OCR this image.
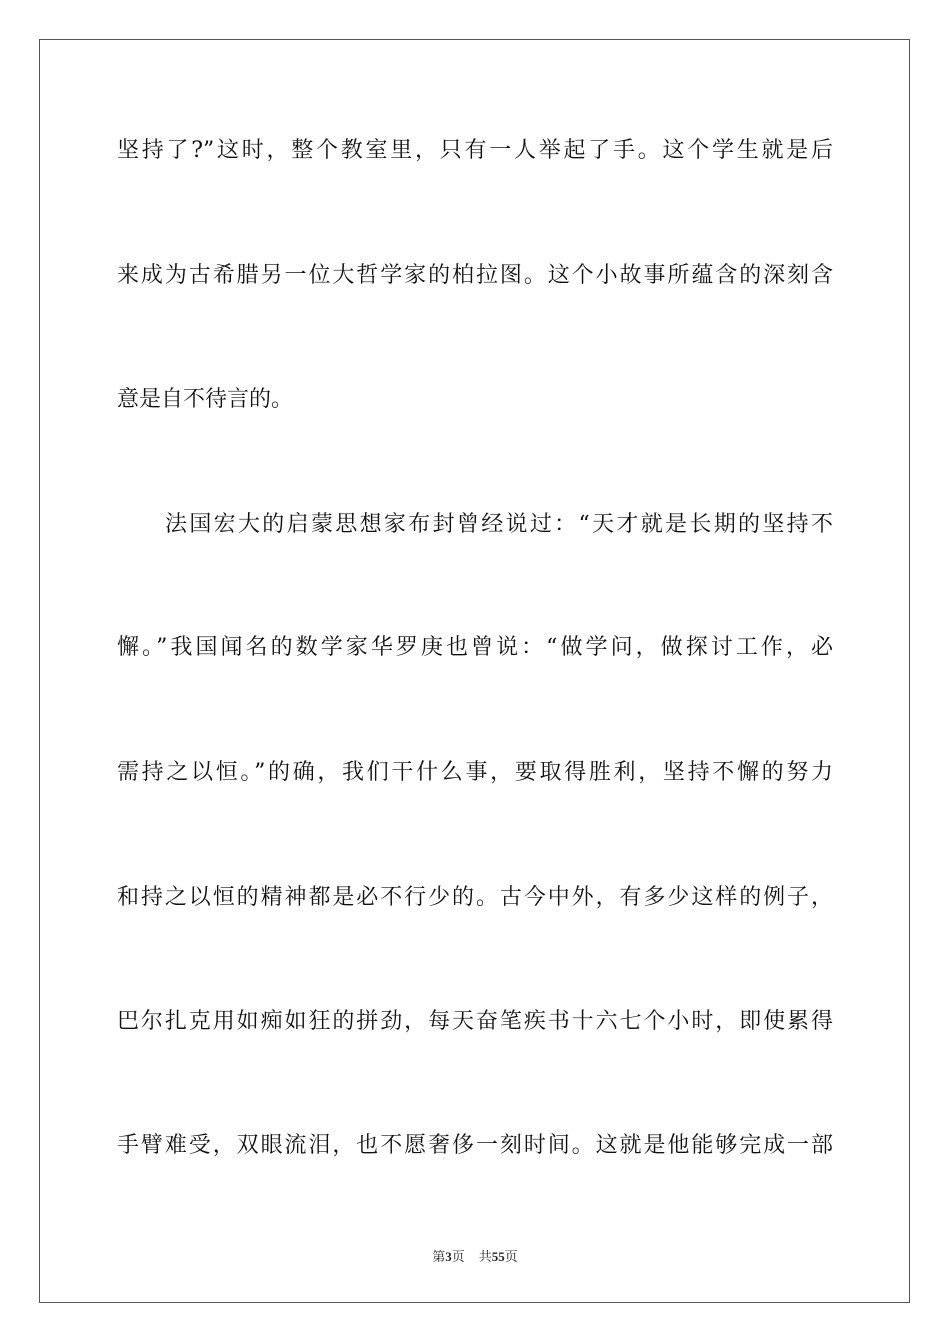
坚持了?”这时，整个教室里，只有一人举起了手。这个学生就是后
来成为古希腊另一位大哲学家的柏拉图。这个小故事所蕴含的深刻含
意是自不待言的。
法国宏大的启蒙思想家布封曾经说过：“天才就是长期的坚持不
懈。”我国闻名的数学家华罗庚也曾说：“做学问，做探讨工作，必
需持之以恒。”的确，我们干什么事，要取得胜利，坚持不懈的努力
和持之以恒的精神都是必不行少的。古今中外，有多少这样的例子，
巴尔扎克用如痴如狂的拼劲，每天奋笔疾书十六七个小时，即使累得
手臂难受，双眼流泪，也不愿奢侈一刻时间。这就是他能够完成一部
第3页 共55页
